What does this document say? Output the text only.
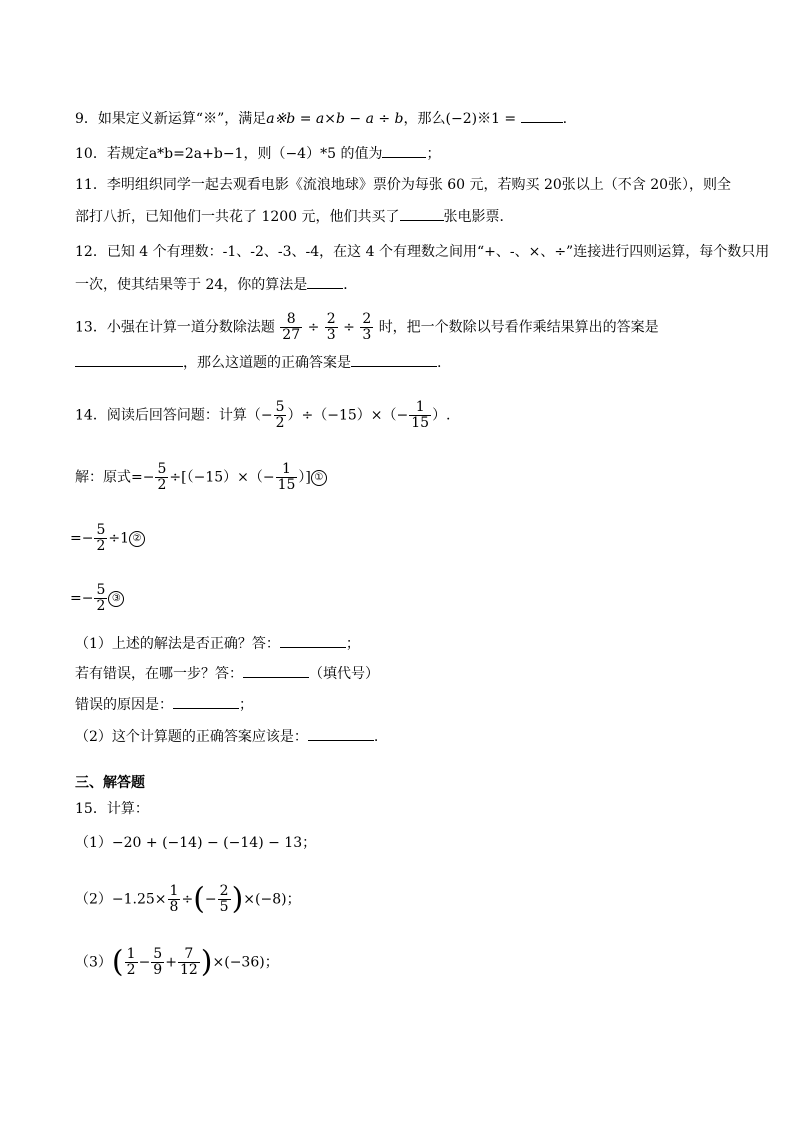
9．如果定义新运算“※”，满足a※b = a×b − a ÷ b，那么(−2)※1 =	.
10．若规定a*b=2a+b−1，则（−4）*5 的值为	；
11．李明组织同学一起去观看电影《流浪地球》票价为每张 60 元，若购买 20张以上（不含 20张），则全
部打八折，已知他们一共花了 1200 元，他们共买了	张电影票．
12．已知 4 个有理数：-1、-2、-3、-4，在这 4 个有理数之间用“+、-、×、÷”连接进行四则运算，每个数只用
一次，使其结果等于 24，你的算法是	．
13．小强在计算一道分数除法题 $\frac{8}{27} \div \frac{2}{3} \div \frac{2}{3}$ 时，把一个数除以号看作乘结果算出的答案是
，那么这道题的正确答案是	.
14．阅读后回答问题：计算（− $\frac{5}{2} )\div(-15)\times(- \frac{1}{15}$ ）.
解：原式=− $\frac{5}{2} \div[(-15)\times(- \frac{1}{15}$ ）] ①
=− $\frac{5}{2} \div 1$ ②
=− $\frac{5}{2}$ ③
（1）上述的解法是否正确？答：	；
若有错误，在哪一步？答：	（填代号）
错误的原因是：	；
（2）这个计算题的正确答案应该是：	.
三、解答题
15．计算：
（1）−20 + (−14) − (−14) − 13；
$(2)-1.25\times \frac{1}{8}$ ÷(− $\frac{2}{5} )\times(-8)$；
$(3)( \frac{1}{2} - \frac{5}{9} + \frac{7}{12} )\times(-36)$；
